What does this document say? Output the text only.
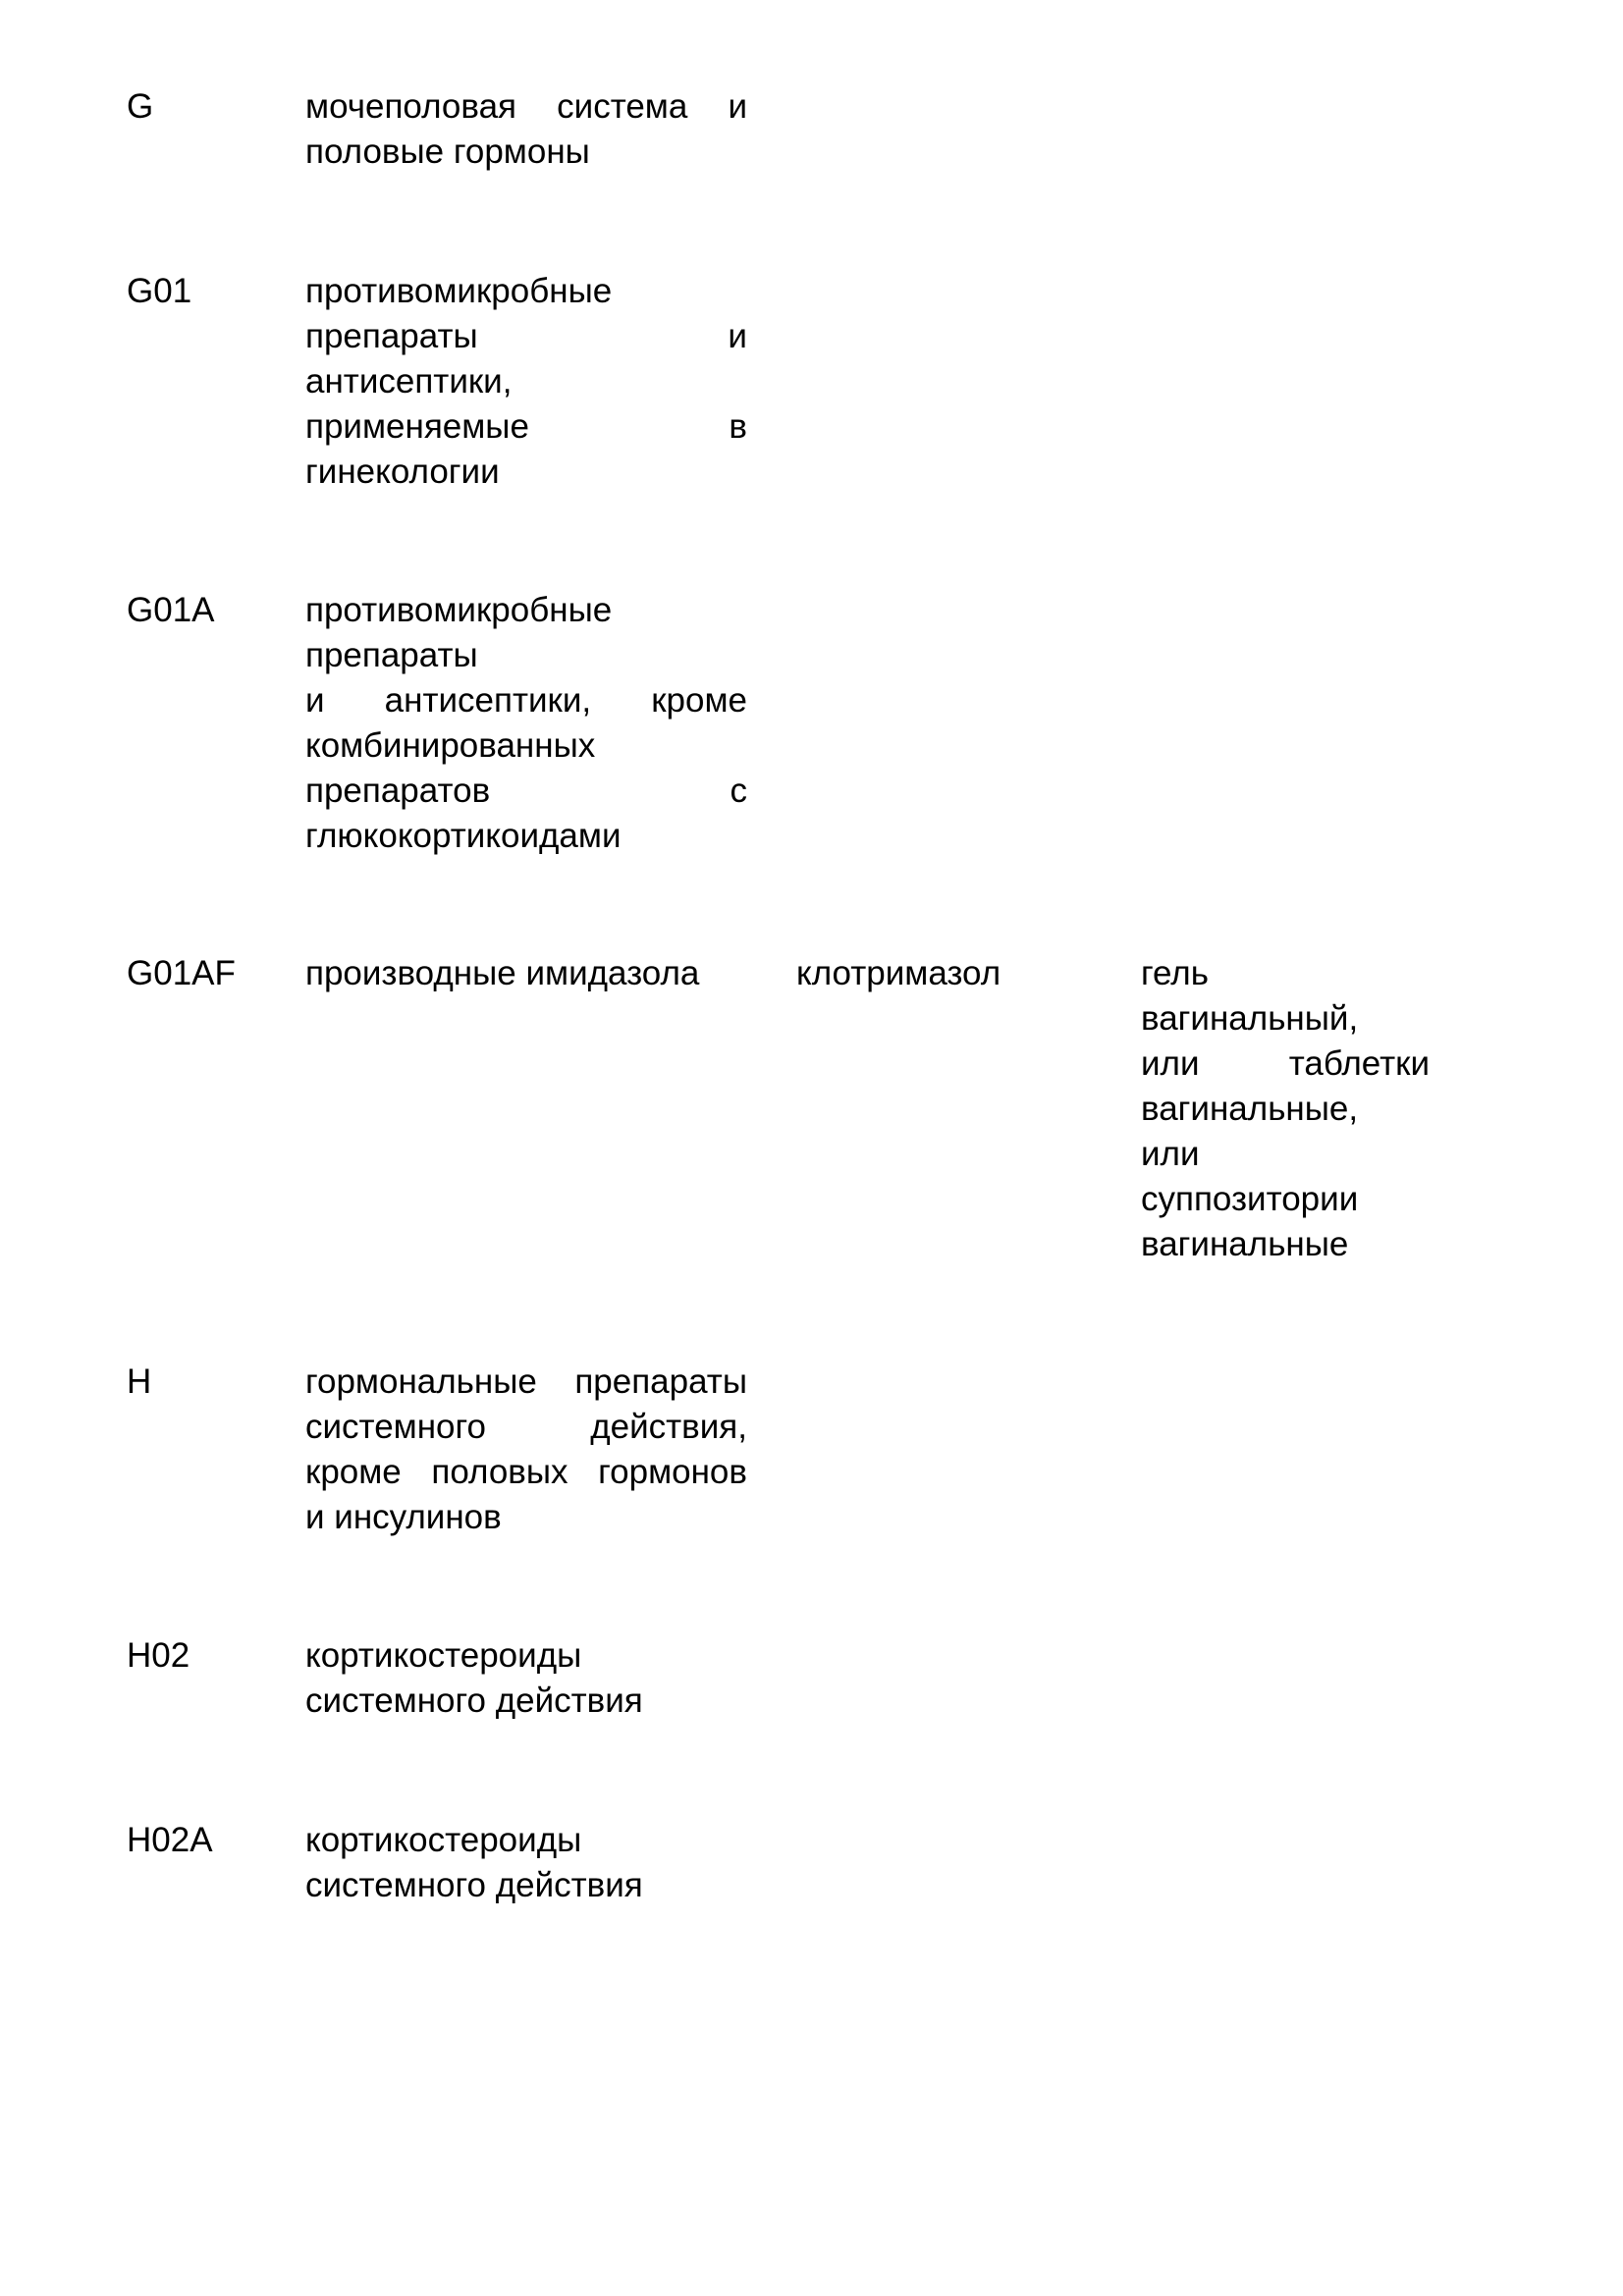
G	мочеполовая система и
половые гормоны
G01	противомикробные
препараты и
антисептики,
применяемые в
гинекологии
G01A	противомикробные
препараты
и антисептики, кроме
комбинированных
препаратов с
глюкокортикоидами
G01AF	производные имидазола	клотримазол	гель
вагинальный,
или таблетки
вагинальные,
или
суппозитории
вагинальные
H	гормональные препараты
системного действия,
кроме половых гормонов
и инсулинов
H02	кортикостероиды
системного действия
H02A	кортикостероиды
системного действия
